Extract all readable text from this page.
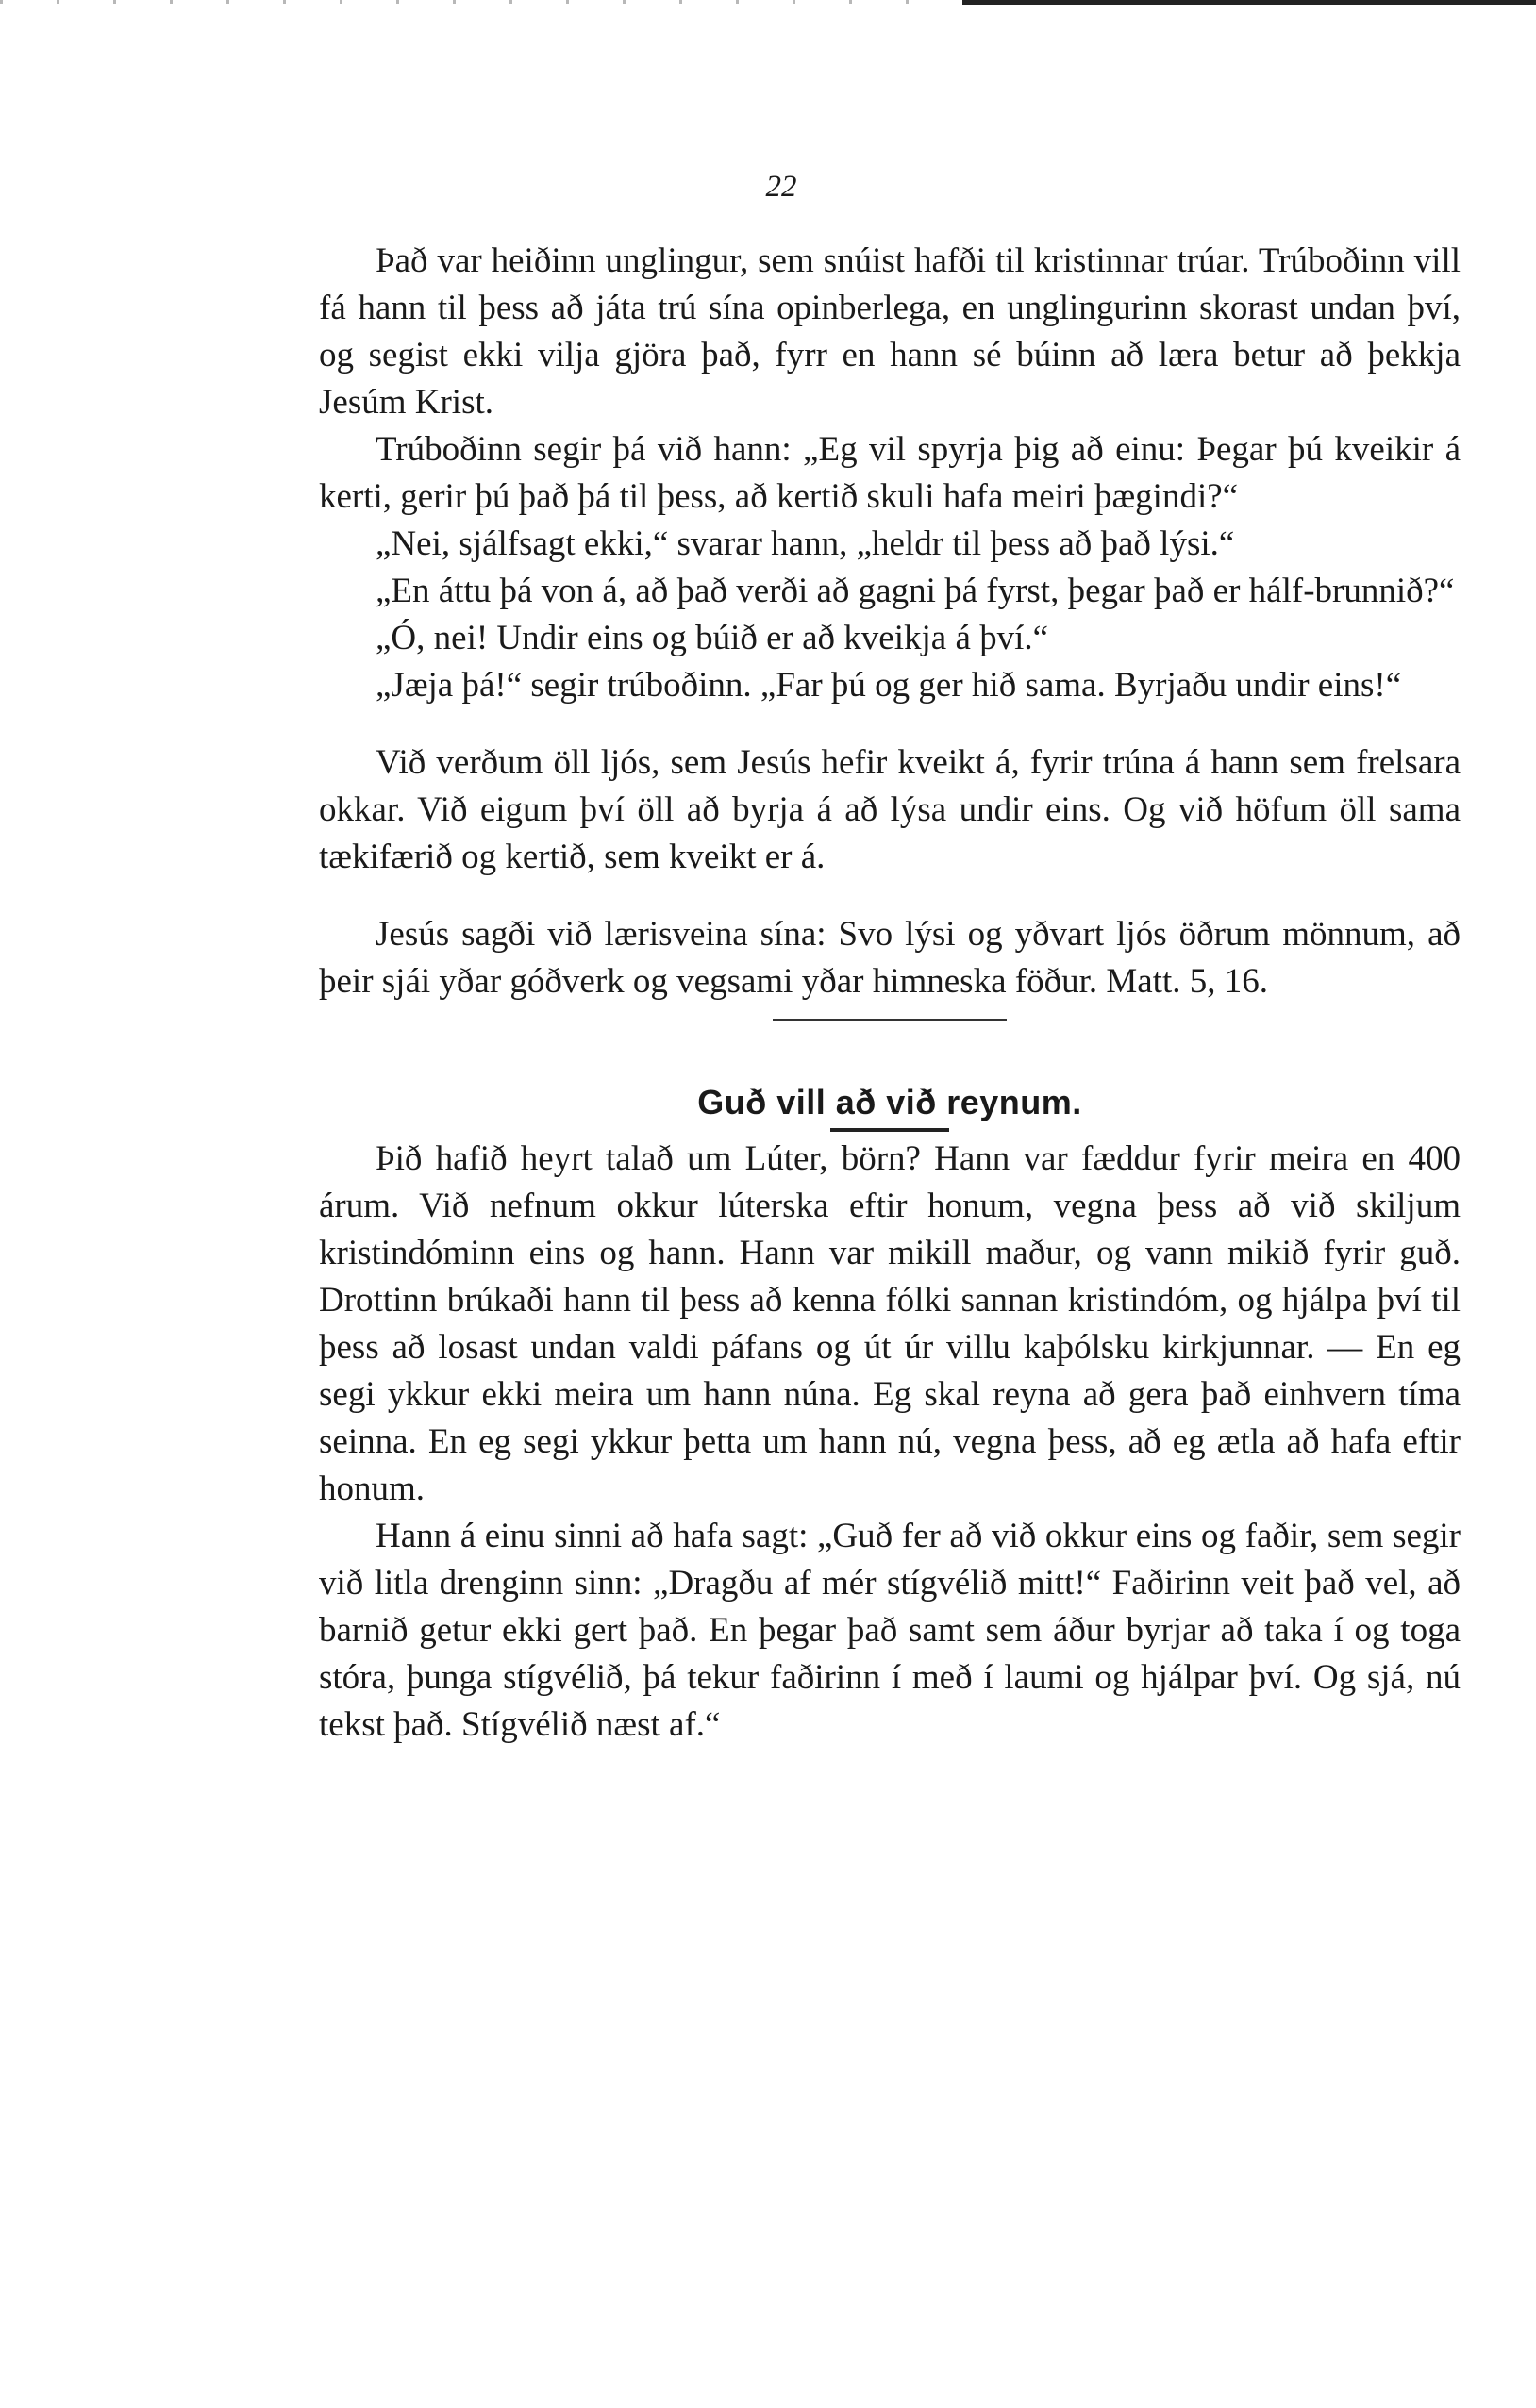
22

Það var heiðinn unglingur, sem snúist hafði til kristinnar trúar. Trúboðinn vill fá hann til þess að játa trú sína opinberlega, en unglingurinn skorast undan því, og segist ekki vilja gjöra það, fyrr en hann sé búinn að læra betur að þekkja Jesúm Krist.

Trúboðinn segir þá við hann: „Eg vil spyrja þig að einu: Þegar þú kveikir á kerti, gerir þú það þá til þess, að kertið skuli hafa meiri þægindi?“

„Nei, sjálfsagt ekki,“ svarar hann, „heldr til þess að það lýsi.“

„En áttu þá von á, að það verði að gagni þá fyrst, þegar það er hálf-brunnið?“

„Ó, nei! Undir eins og búið er að kveikja á því.“

„Jæja þá!“ segir trúboðinn. „Far þú og ger hið sama. Byrjaðu undir eins!“

Við verðum öll ljós, sem Jesús hefir kveikt á, fyrir trúna á hann sem frelsara okkar. Við eigum því öll að byrja á að lýsa undir eins. Og við höfum öll sama tækifærið og kertið, sem kveikt er á.

Jesús sagði við lærisveina sína: Svo lýsi og yðvart ljós öðrum mönnum, að þeir sjái yðar góðverk og vegsami yðar himneska föður. Matt. 5, 16.

Guð vill að við reynum.

Þið hafið heyrt talað um Lúter, börn? Hann var fæddur fyrir meira en 400 árum. Við nefnum okkur lúterska eftir honum, vegna þess að við skiljum kristindóminn eins og hann. Hann var mikill maður, og vann mikið fyrir guð. Drottinn brúkaði hann til þess að kenna fólki sannan kristindóm, og hjálpa því til þess að losast undan valdi páfans og út úr villu kaþólsku kirkjunnar. — En eg segi ykkur ekki meira um hann núna. Eg skal reyna að gera það einhvern tíma seinna. En eg segi ykkur þetta um hann nú, vegna þess, að eg ætla að hafa eftir honum.

Hann á einu sinni að hafa sagt: „Guð fer að við okkur eins og faðir, sem segir við litla drenginn sinn: „Dragðu af mér stígvélið mitt!“ Faðirinn veit það vel, að barnið getur ekki gert það. En þegar það samt sem áður byrjar að taka í og toga stóra, þunga stígvélið, þá tekur faðirinn í með í laumi og hjálpar því. Og sjá, nú tekst það. Stígvélið næst af.“
